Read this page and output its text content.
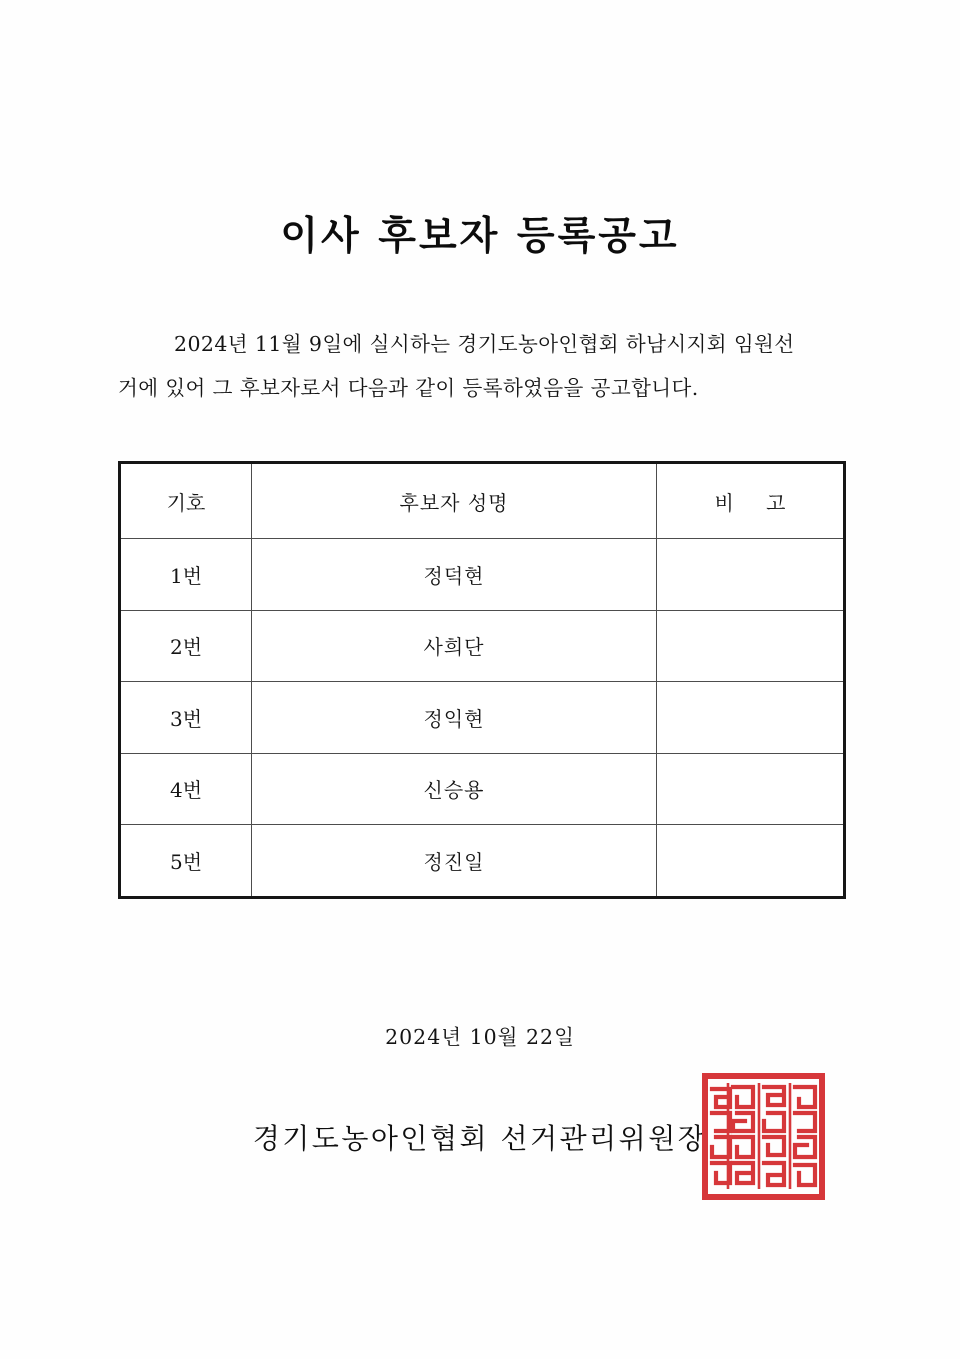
이사 후보자 등록공고
2024년 11월 9일에 실시하는 경기도농아인협회 하남시지회 임원선
거에 있어 그 후보자로서 다음과 같이 등록하였음을 공고합니다.
기호	후보자 성명	비 고
1번	정덕현	
2번	사희단	
3번	정익현	
4번	신승용	
5번	정진일	
2024년 10월 22일
경기도농아인협회 선거관리위원장
